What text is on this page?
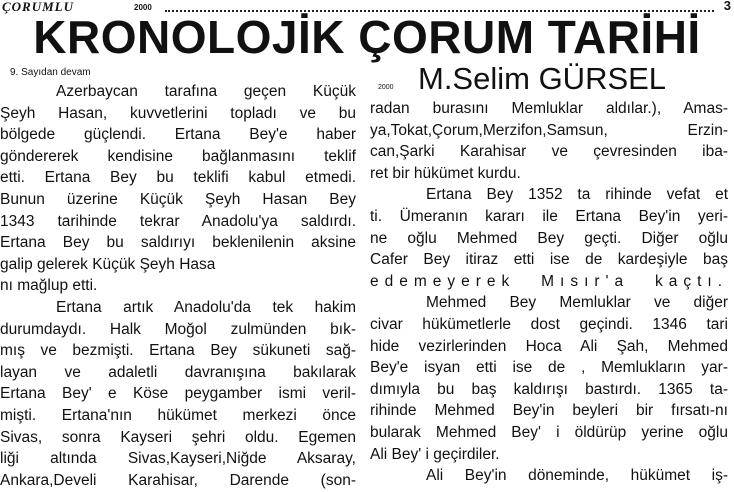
ÇORUMLU	2000	3
KRONOLOJİK ÇORUM TARİHİ
9. Sayıdan devam	M.Selim GÜRSEL
2000
Azerbaycan tarafına geçen Küçük
Şeyh Hasan, kuvvetlerini topladı ve bu
bölgede güçlendi. Ertana Bey'e haber
göndererek kendisine bağlanmasını teklif
etti. Ertana Bey bu teklifi kabul etmedi.
Bunun üzerine Küçük Şeyh Hasan Bey
1343 tarihinde tekrar Anadolu'ya saldırdı.
Ertana Bey bu saldırıyı beklenilenin aksine
galip gelerek Küçük Şeyh Hasa
nı mağlup etti.
Ertana artık Anadolu'da tek hakim
durumdaydı. Halk Moğol zulmünden bık-
mış ve bezmişti. Ertana Bey sükuneti sağ-
layan ve adaletli davranışına bakılarak
Ertana Bey' e Köse peygamber ismi veril-
mişti. Ertana'nın hükümet merkezi önce
Sivas, sonra Kayseri şehri oldu. Egemen
liği altında Sivas,Kayseri,Niğde Aksaray,
Ankara,Develi Karahisar, Darende (son-
radan burasını Memluklar aldılar.), Amas-
ya,Tokat,Çorum,Merzifon,Samsun, Erzin-
can,Şarki Karahisar ve çevresinden iba-
ret bir hükümet kurdu.
Ertana Bey 1352 ta rihinde vefat et
ti. Ümeranın kararı ile Ertana Bey'in yeri-
ne oğlu Mehmed Bey geçti. Diğer oğlu
Cafer Bey itiraz etti ise de kardeşiyle baş
edemeyerek Mısır'a kaçtı.
Mehmed Bey Memluklar ve diğer
civar hükümetlerle dost geçindi. 1346 tari
hide vezirlerinden Hoca Ali Şah, Mehmed
Bey'e isyan etti ise de , Memlukların yar-
dımıyla bu baş kaldırışı bastırdı. 1365 ta-
rihinde Mehmed Bey'in beyleri bir fırsatı-nı
bularak Mehmed Bey' i öldürüp yerine oğlu
Ali Bey' i geçirdiler.
Ali Bey'in döneminde, hükümet iş-
